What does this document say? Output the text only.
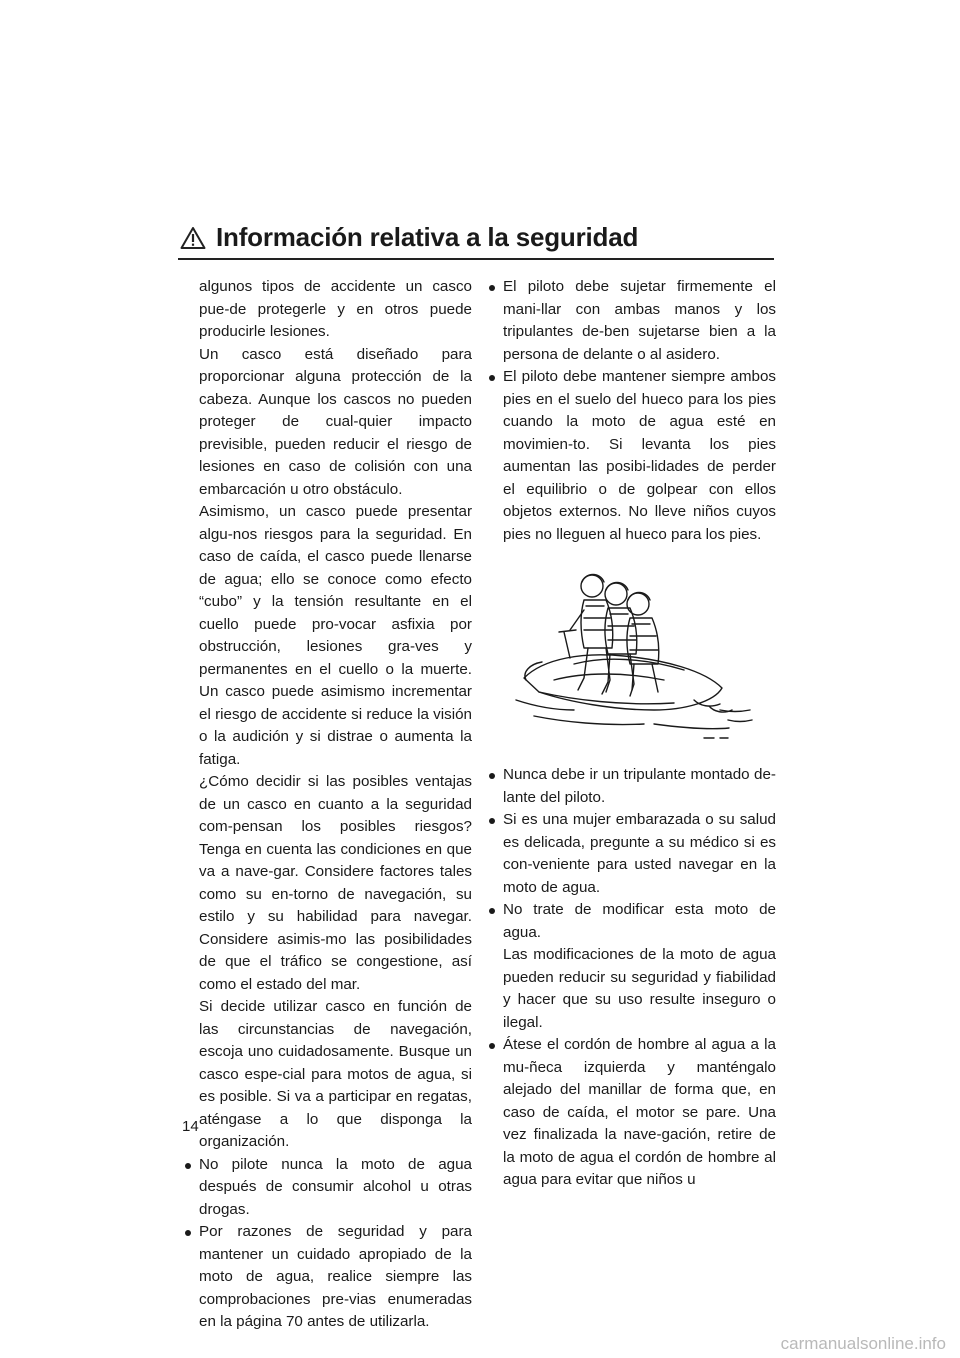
Información relativa a la seguridad

algunos tipos de accidente un casco pue-de protegerle y en otros puede producirle lesiones.

Un casco está diseñado para proporcionar alguna protección de la cabeza. Aunque los cascos no pueden proteger de cual-quier impacto previsible, pueden reducir el riesgo de lesiones en caso de colisión con una embarcación u otro obstáculo.

Asimismo, un casco puede presentar algu-nos riesgos para la seguridad. En caso de caída, el casco puede llenarse de agua; ello se conoce como efecto “cubo” y la tensión resultante en el cuello puede pro-vocar asfixia por obstrucción, lesiones gra-ves y permanentes en el cuello o la muerte. Un casco puede asimismo incrementar el riesgo de accidente si reduce la visión o la audición y si distrae o aumenta la fatiga.

¿Cómo decidir si las posibles ventajas de un casco en cuanto a la seguridad com-pensan los posibles riesgos? Tenga en cuenta las condiciones en que va a nave-gar. Considere factores tales como su en-torno de navegación, su estilo y su habilidad para navegar. Considere asimis-mo las posibilidades de que el tráfico se congestione, así como el estado del mar.

Si decide utilizar casco en función de las circunstancias de navegación, escoja uno cuidadosamente. Busque un casco espe-cial para motos de agua, si es posible. Si va a participar en regatas, aténgase a lo que disponga la organización.

No pilote nunca la moto de agua después de consumir alcohol u otras drogas.

Por razones de seguridad y para mantener un cuidado apropiado de la moto de agua, realice siempre las comprobaciones pre-vias enumeradas en la página 70 antes de utilizarla.

El piloto debe sujetar firmemente el mani-llar con ambas manos y los tripulantes de-ben sujetarse bien a la persona de delante o al asidero.

El piloto debe mantener siempre ambos pies en el suelo del hueco para los pies cuando la moto de agua esté en movimien-to. Si levanta los pies aumentan las posibi-lidades de perder el equilibrio o de golpear con ellos objetos externos. No lleve niños cuyos pies no lleguen al hueco para los pies.

Nunca debe ir un tripulante montado de-lante del piloto.

Si es una mujer embarazada o su salud es delicada, pregunte a su médico si es con-veniente para usted navegar en la moto de agua.

No trate de modificar esta moto de agua.

Las modificaciones de la moto de agua pueden reducir su seguridad y fiabilidad y hacer que su uso resulte inseguro o ilegal.

Átese el cordón de hombre al agua a la mu-ñeca izquierda y manténgalo alejado del manillar de forma que, en caso de caída, el motor se pare. Una vez finalizada la nave-gación, retire de la moto de agua el cordón de hombre al agua para evitar que niños u

14
carmanualsonline.info
